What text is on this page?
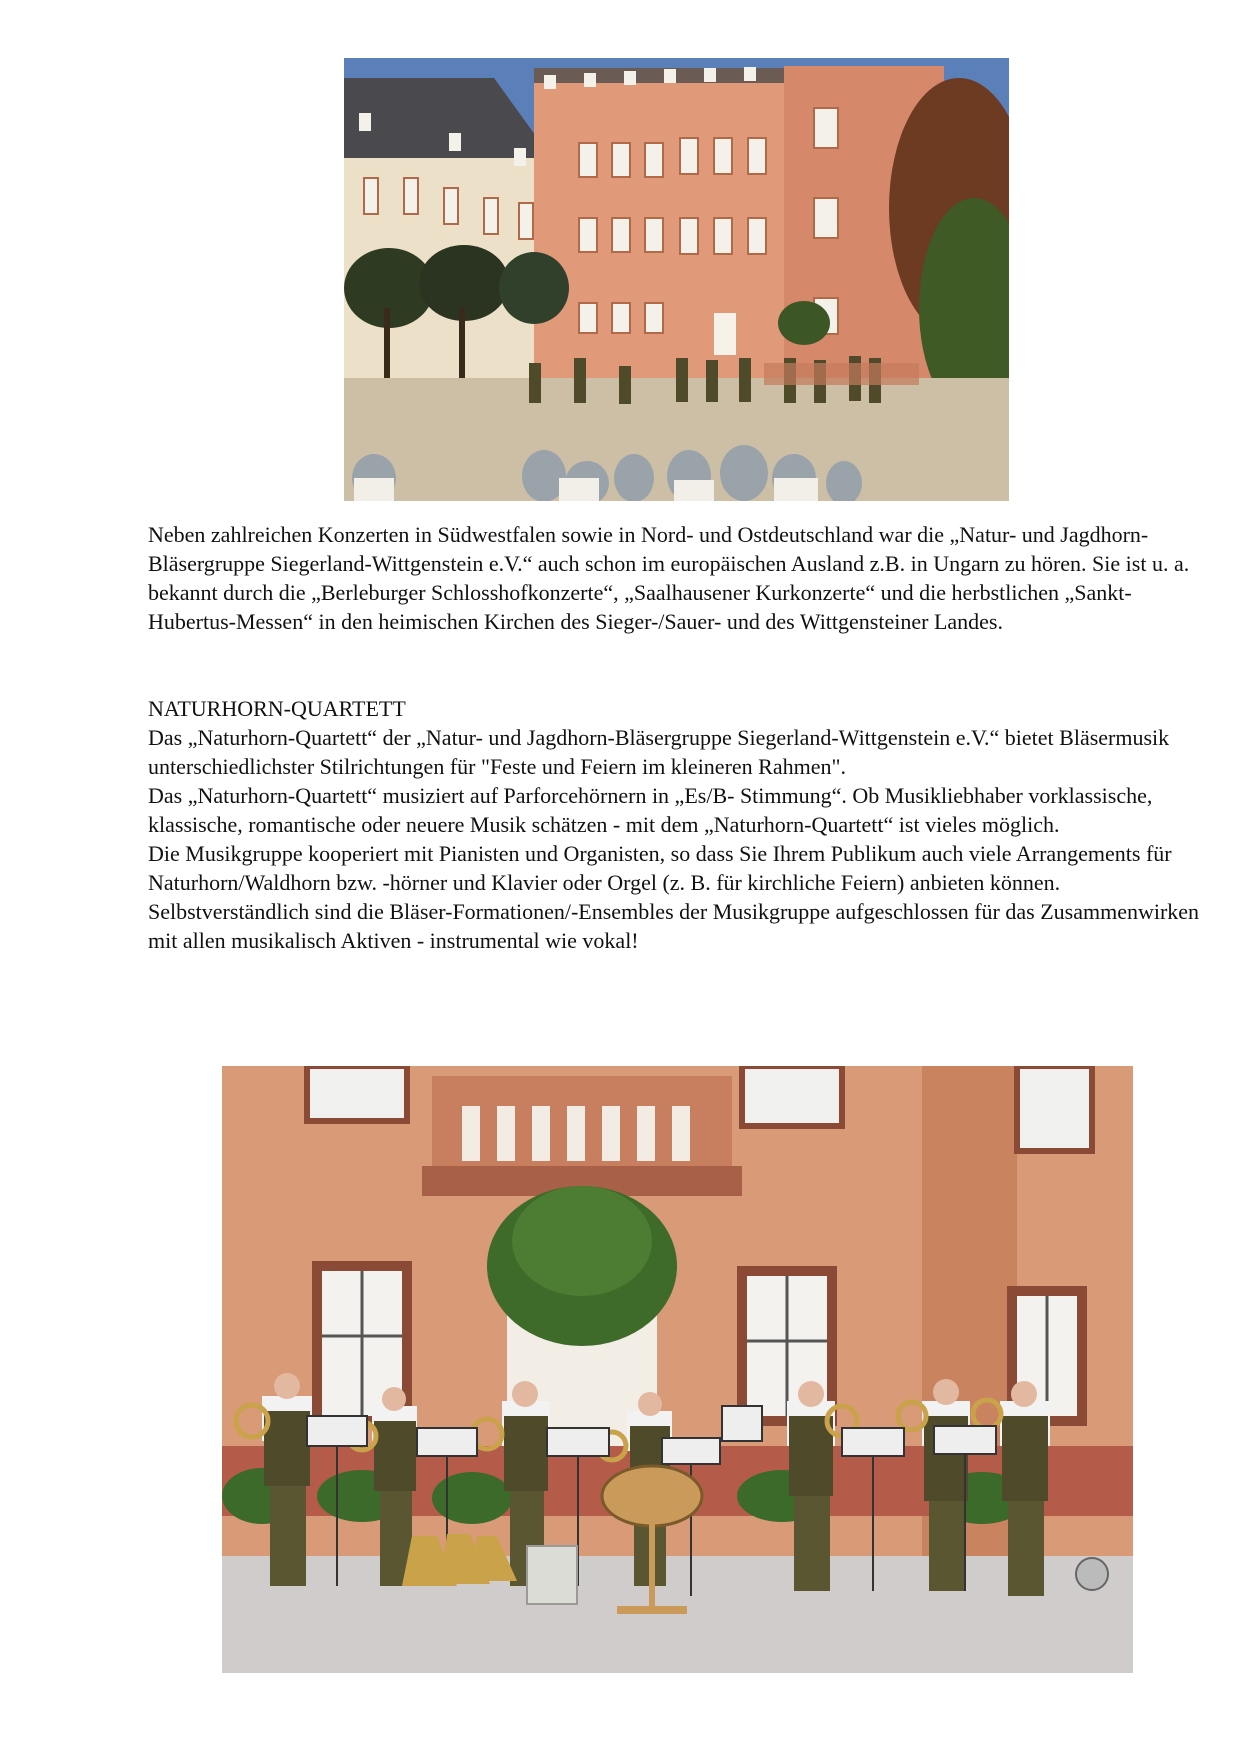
Neben zahlreichen Konzerten in Südwestfalen sowie in Nord- und Ostdeutschland war die „Natur- und Jagdhorn-Bläsergruppe Siegerland-Wittgenstein e.V.“ auch schon im europäischen Ausland z.B. in Ungarn zu hören. Sie ist u. a. bekannt durch die „Berleburger Schlosshofkonzerte“, „Saalhausener Kurkonzerte“ und die herbstlichen „Sankt-Hubertus-Messen“ in den heimischen Kirchen des Sieger-/Sauer- und des Wittgensteiner Landes.

NATURHORN-QUARTETT

Das „Naturhorn-Quartett“ der „Natur- und Jagdhorn-Bläsergruppe Siegerland-Wittgenstein e.V.“ bietet Bläsermusik unterschiedlichster Stilrichtungen für "Feste und Feiern im kleineren Rahmen".

Das „Naturhorn-Quartett“ musiziert auf Parforcehörnern in „Es/B- Stimmung“. Ob Musikliebhaber vorklassische, klassische, romantische oder neuere Musik schätzen - mit dem „Naturhorn-Quartett“ ist vieles möglich.

Die Musikgruppe kooperiert mit Pianisten und Organisten, so dass Sie Ihrem Publikum auch viele Arrangements für Naturhorn/Waldhorn bzw. -hörner und Klavier oder Orgel (z. B. für kirchliche Feiern) anbieten können.

Selbstverständlich sind die Bläser-Formationen/-Ensembles der Musikgruppe aufgeschlossen für das Zusammenwirken mit allen musikalisch Aktiven - instrumental wie vokal!
